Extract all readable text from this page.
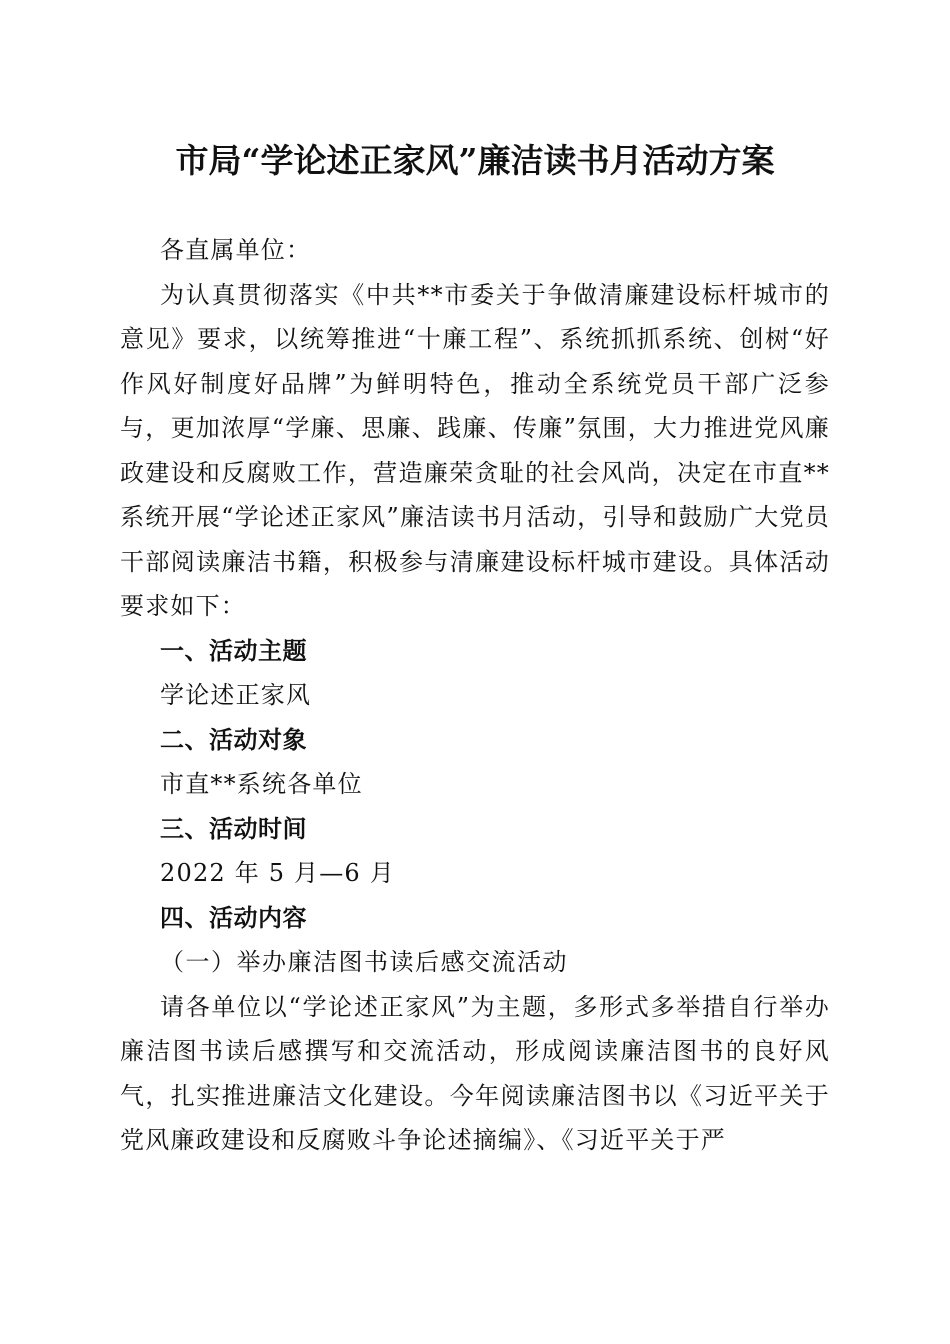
市局“学论述正家风”廉洁读书月活动方案

各直属单位：

为认真贯彻落实《中共**市委关于争做清廉建设标杆城市的意见》要求，以统筹推进“十廉工程”、系统抓抓系统、创树“好作风好制度好品牌”为鲜明特色，推动全系统党员干部广泛参与，更加浓厚“学廉、思廉、践廉、传廉”氛围，大力推进党风廉政建设和反腐败工作，营造廉荣贪耻的社会风尚，决定在市直**系统开展“学论述正家风”廉洁读书月活动，引导和鼓励广大党员干部阅读廉洁书籍，积极参与清廉建设标杆城市建设。具体活动要求如下：

一、活动主题

学论述正家风

二、活动对象

市直**系统各单位

三、活动时间

2022 年 5 月—6 月

四、活动内容

（一）举办廉洁图书读后感交流活动

请各单位以“学论述正家风”为主题，多形式多举措自行举办廉洁图书读后感撰写和交流活动，形成阅读廉洁图书的良好风气，扎实推进廉洁文化建设。今年阅读廉洁图书以《习近平关于党风廉政建设和反腐败斗争论述摘编》、《习近平关于严
